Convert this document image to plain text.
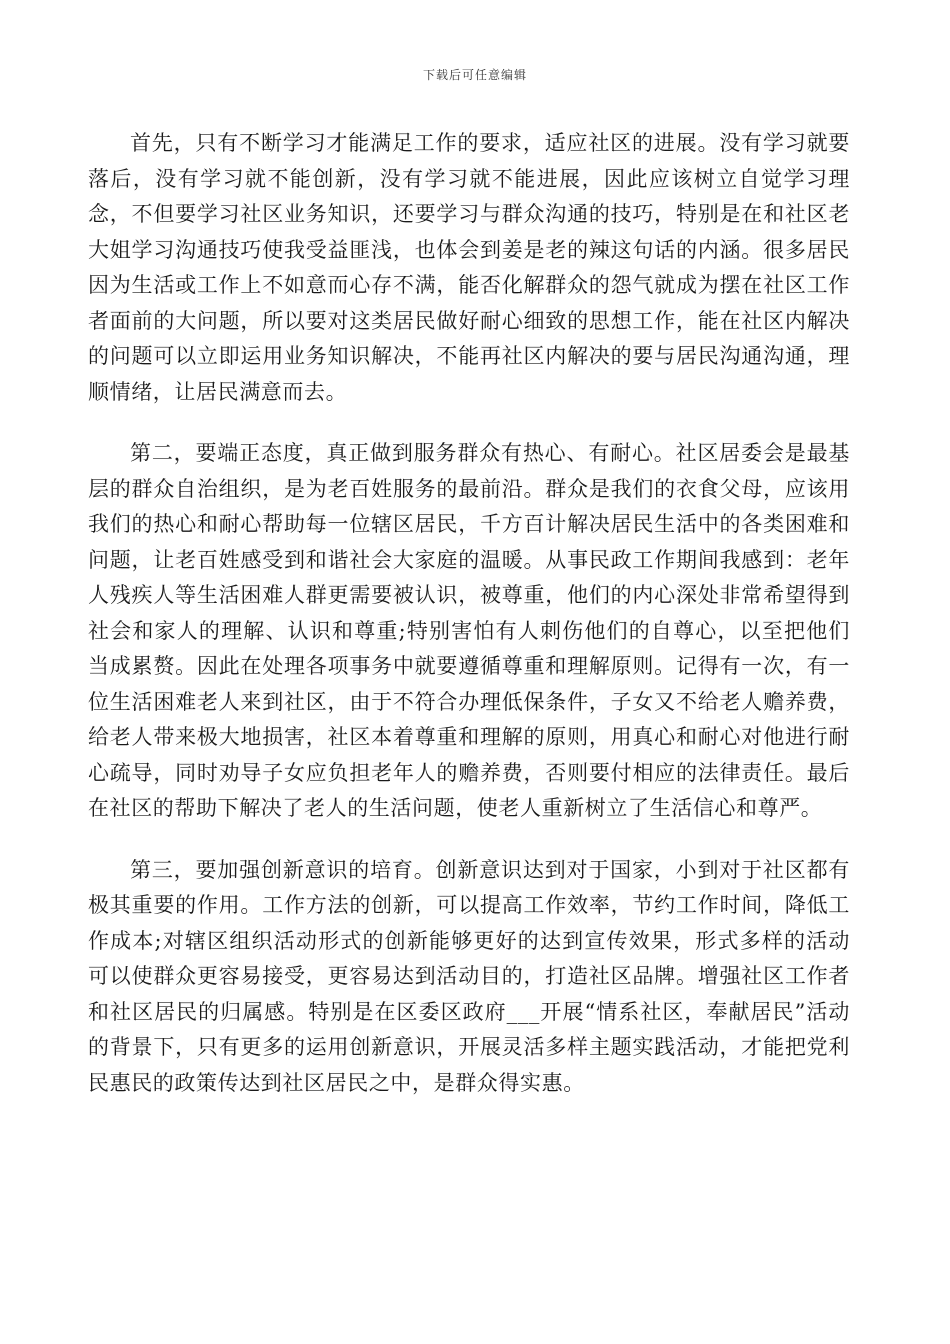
下载后可任意编辑

首先，只有不断学习才能满足工作的要求，适应社区的进展。没有学习就要落后，没有学习就不能创新，没有学习就不能进展，因此应该树立自觉学习理念，不但要学习社区业务知识，还要学习与群众沟通的技巧，特别是在和社区老大姐学习沟通技巧使我受益匪浅，也体会到姜是老的辣这句话的内涵。很多居民因为生活或工作上不如意而心存不满，能否化解群众的怨气就成为摆在社区工作者面前的大问题，所以要对这类居民做好耐心细致的思想工作，能在社区内解决的问题可以立即运用业务知识解决，不能再社区内解决的要与居民沟通沟通，理顺情绪，让居民满意而去。

第二，要端正态度，真正做到服务群众有热心、有耐心。社区居委会是最基层的群众自治组织，是为老百姓服务的最前沿。群众是我们的衣食父母，应该用我们的热心和耐心帮助每一位辖区居民，千方百计解决居民生活中的各类困难和问题，让老百姓感受到和谐社会大家庭的温暖。从事民政工作期间我感到：老年人残疾人等生活困难人群更需要被认识，被尊重，他们的内心深处非常希望得到社会和家人的理解、认识和尊重;特别害怕有人刺伤他们的自尊心，以至把他们当成累赘。因此在处理各项事务中就要遵循尊重和理解原则。记得有一次，有一位生活困难老人来到社区，由于不符合办理低保条件，子女又不给老人赡养费，给老人带来极大地损害，社区本着尊重和理解的原则，用真心和耐心对他进行耐心疏导，同时劝导子女应负担老年人的赡养费，否则要付相应的法律责任。最后在社区的帮助下解决了老人的生活问题，使老人重新树立了生活信心和尊严。

第三，要加强创新意识的培育。创新意识达到对于国家，小到对于社区都有极其重要的作用。工作方法的创新，可以提高工作效率，节约工作时间，降低工作成本;对辖区组织活动形式的创新能够更好的达到宣传效果，形式多样的活动可以使群众更容易接受，更容易达到活动目的，打造社区品牌。增强社区工作者和社区居民的归属感。特别是在区委区政府___开展“情系社区，奉献居民”活动的背景下，只有更多的运用创新意识，开展灵活多样主题实践活动，才能把党利民惠民的政策传达到社区居民之中，是群众得实惠。
